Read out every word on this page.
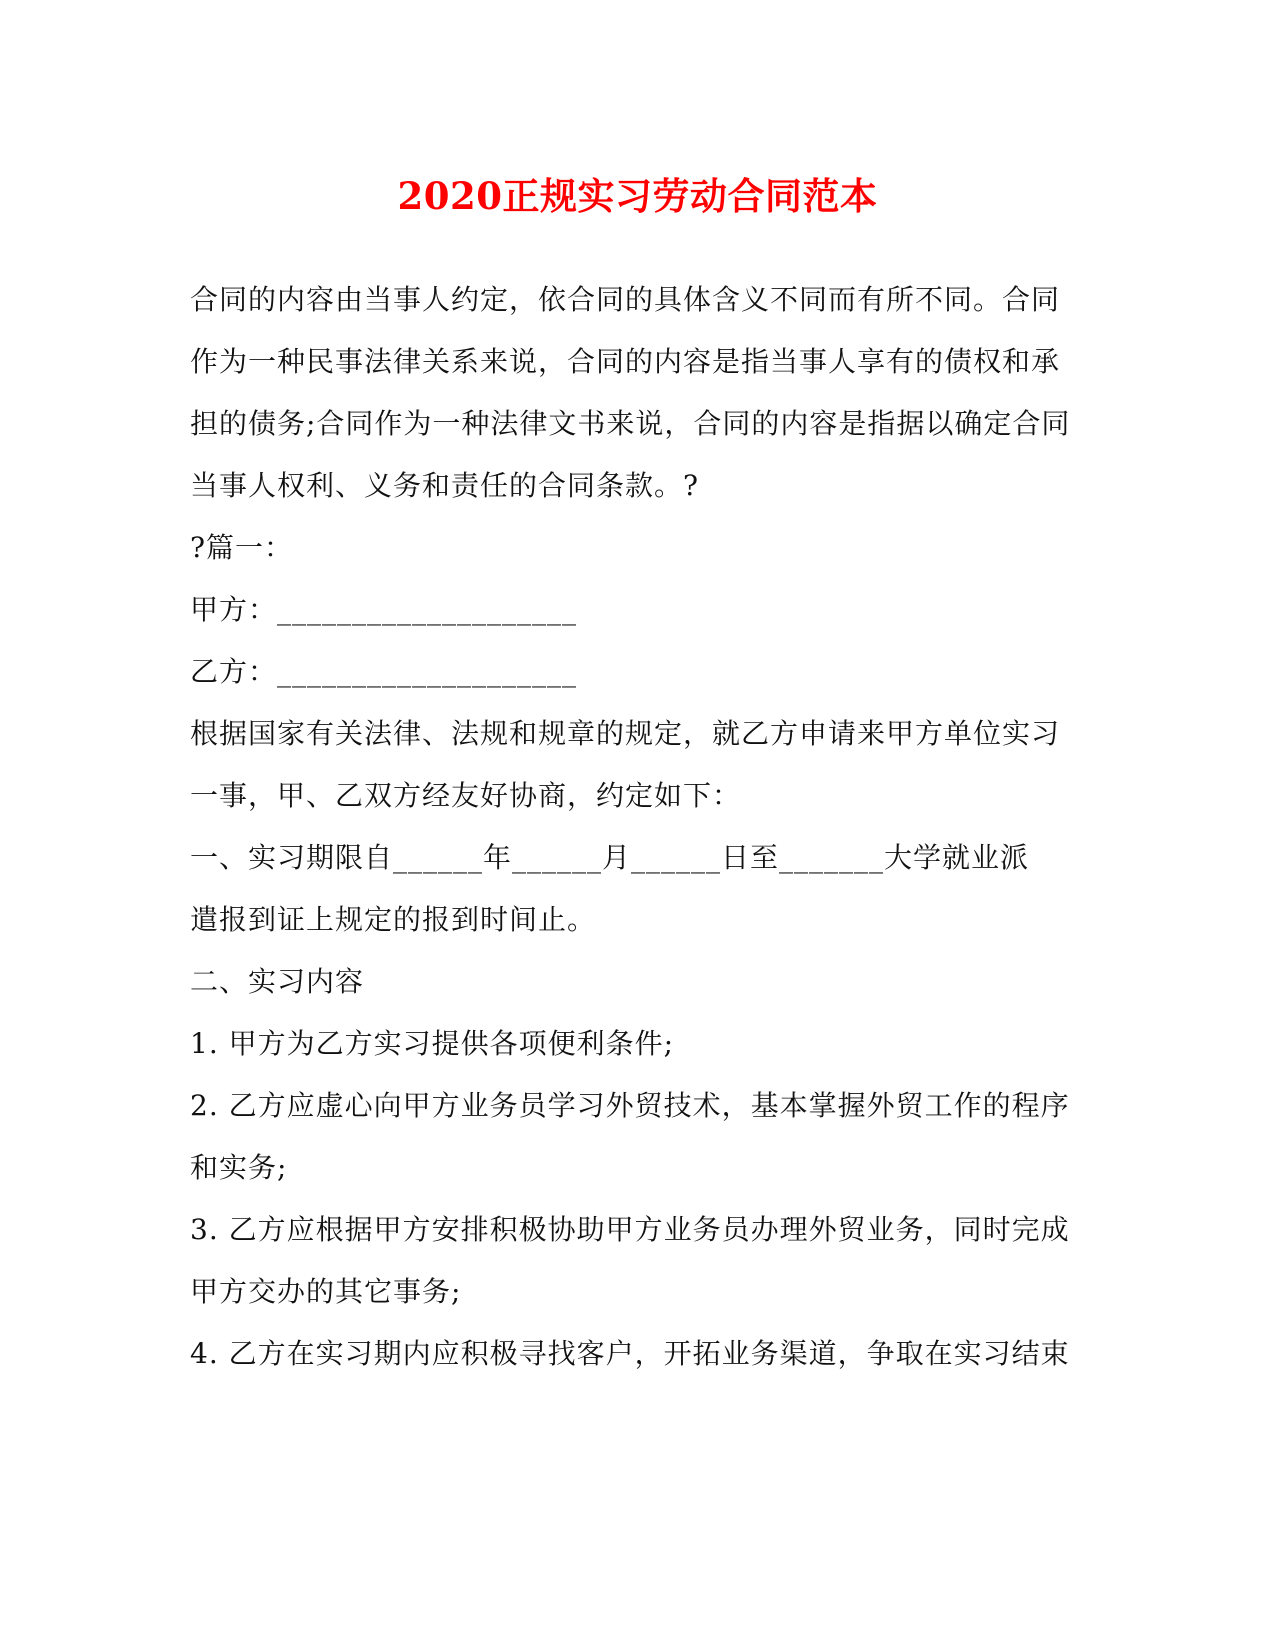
2020正规实习劳动合同范本
合同的内容由当事人约定，依合同的具体含义不同而有所不同。合同
作为一种民事法律关系来说，合同的内容是指当事人享有的债权和承
担的债务;合同作为一种法律文书来说，合同的内容是指据以确定合同
当事人权利、义务和责任的合同条款。?
?篇一：
甲方：____________________
乙方：____________________
根据国家有关法律、法规和规章的规定，就乙方申请来甲方单位实习
一事，甲、乙双方经友好协商，约定如下：
一、实习期限自______年______月______日至_______大学就业派
遣报到证上规定的报到时间止。
二、实习内容
1. 甲方为乙方实习提供各项便利条件;
2. 乙方应虚心向甲方业务员学习外贸技术，基本掌握外贸工作的程序
和实务;
3. 乙方应根据甲方安排积极协助甲方业务员办理外贸业务，同时完成
甲方交办的其它事务;
4. 乙方在实习期内应积极寻找客户，开拓业务渠道，争取在实习结束
